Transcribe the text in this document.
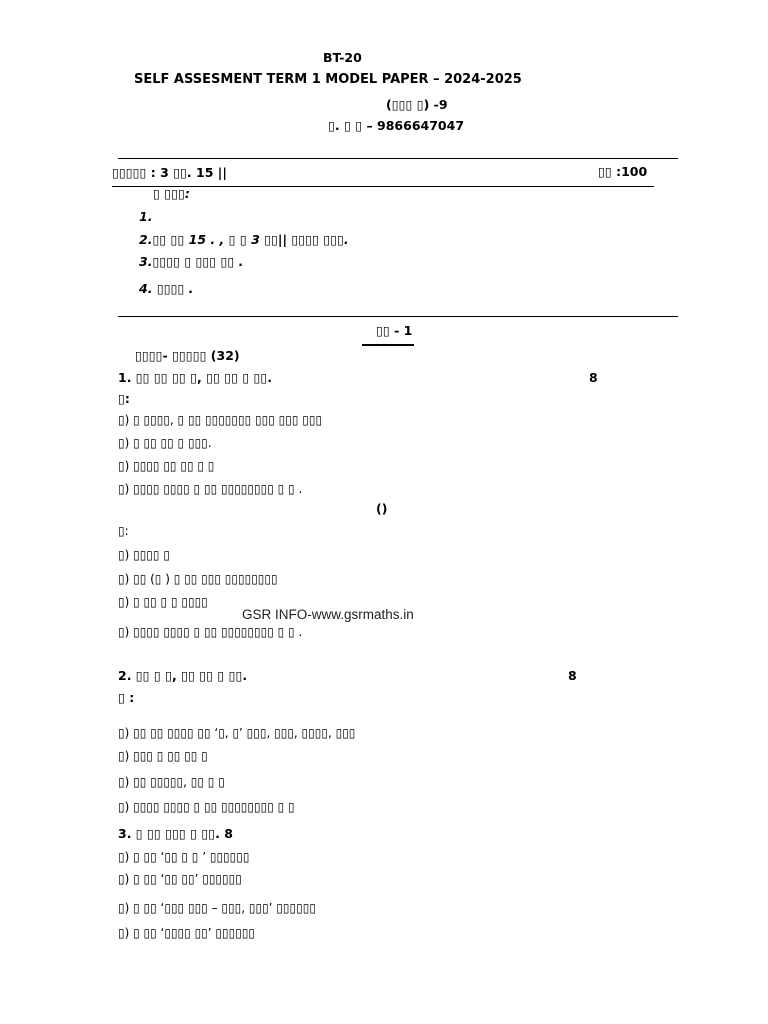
BT-20
SELF ASSESMENT TERM 1 MODEL PAPER – 2024-2025
(▯▯▯ ▯) -9
▯. ▯ ▯ – 9866647047
▯▯▯▯▯ : 3 ▯▯. 15 ||	▯▯ :100
▯ ▯▯▯:
1.
2.▯▯ ▯▯ 15 . , ▯ ▯ 3 ▯▯|| ▯▯▯▯ ▯▯▯.
3.▯▯▯▯ ▯ ▯▯▯ ▯▯ .
4. ▯▯▯▯ .
▯▯ - 1
▯▯▯▯- ▯▯▯▯▯ (32)
1. ▯▯ ▯▯ ▯▯ ▯, ▯▯ ▯▯ ▯ ▯▯.	8
▯:
▯) ▯ ▯▯▯▯, ▯ ▯▯ ▯▯▯▯▯▯▯ ▯▯▯ ▯▯▯ ▯▯▯
▯) ▯ ▯▯ ▯▯ ▯ ▯▯▯.
▯) ▯▯▯▯ ▯▯ ▯▯ ▯ ▯
▯) ▯▯▯▯ ▯▯▯▯ ▯ ▯▯ ▯▯▯▯▯▯▯▯ ▯ ▯ .
()
▯:
▯) ▯▯▯▯ ▯
▯) ▯▯ (▯ ) ▯ ▯▯ ▯▯▯ ▯▯▯▯▯▯▯▯
▯) ▯ ▯▯ ▯ ▯ ▯▯▯▯
GSR INFO-www.gsrmaths.in
▯) ▯▯▯▯ ▯▯▯▯ ▯ ▯▯ ▯▯▯▯▯▯▯▯ ▯ ▯ .
2. ▯▯ ▯ ▯, ▯▯ ▯▯ ▯ ▯▯.	8
▯ :
▯) ▯▯ ▯▯ ▯▯▯▯ ▯▯ ‘▯, ▯’ ▯▯▯, ▯▯▯, ▯▯▯▯, ▯▯▯
▯) ▯▯▯ ▯ ▯▯ ▯▯ ▯
▯) ▯▯ ▯▯▯▯▯, ▯▯ ▯ ▯
▯) ▯▯▯▯ ▯▯▯▯ ▯ ▯▯ ▯▯▯▯▯▯▯▯ ▯ ▯
3. ▯ ▯▯ ▯▯▯ ▯ ▯▯. 8
▯) ▯ ▯▯ ‘▯▯ ▯ ▯ ’ ▯▯▯▯▯▯
▯) ▯ ▯▯ ‘▯▯ ▯▯’ ▯▯▯▯▯▯
▯) ▯ ▯▯ ‘▯▯▯ ▯▯▯ – ▯▯▯, ▯▯▯’ ▯▯▯▯▯▯
▯) ▯ ▯▯ ‘▯▯▯▯ ▯▯’ ▯▯▯▯▯▯
